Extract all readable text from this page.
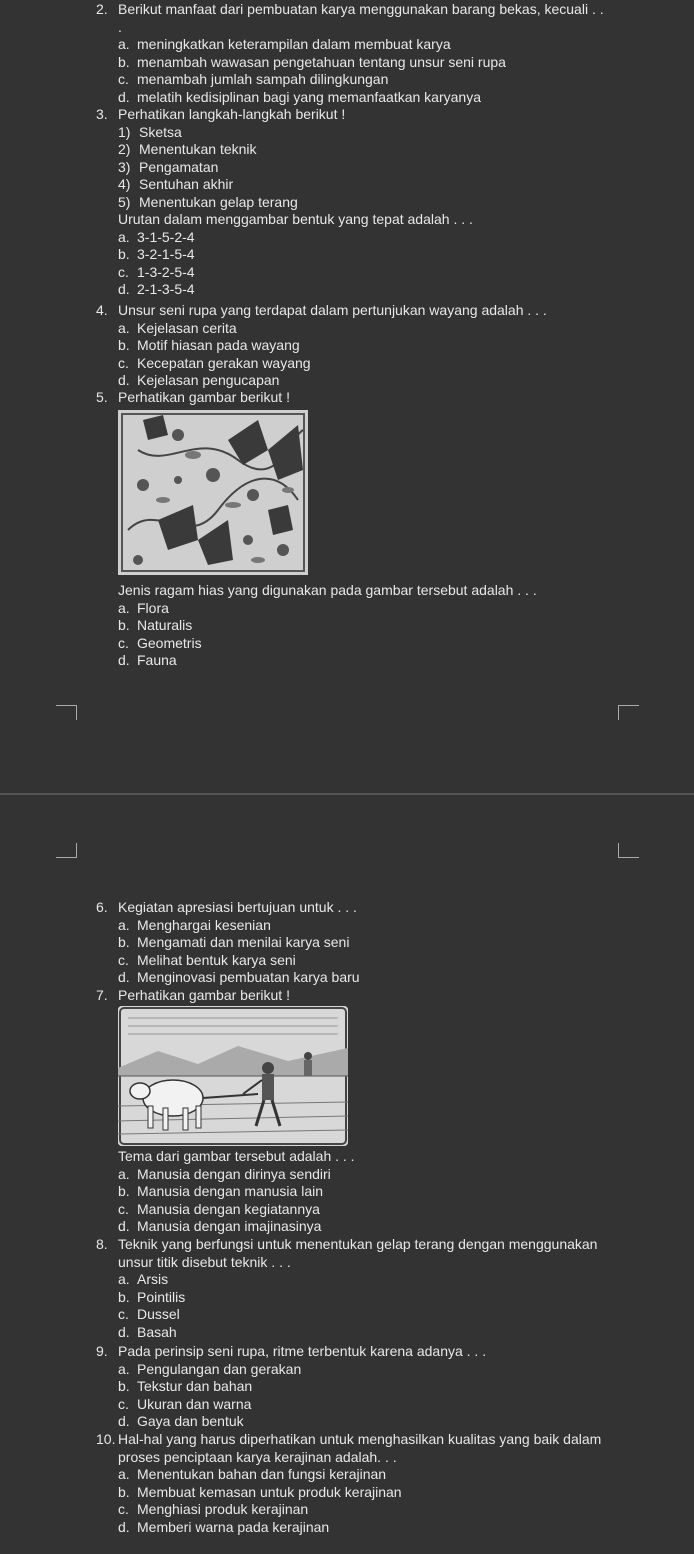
2. Berikut manfaat dari pembuatan karya menggunakan barang bekas, kecuali . .

.
a. meningkatkan keterampilan dalam membuat karya
b. menambah wawasan pengetahuan tentang unsur seni rupa
c. menambah jumlah sampah dilingkungan
d. melatih kedisiplinan bagi yang memanfaatkan karyanya

3. Perhatikan langkah-langkah berikut !

1) Sketsa
2) Menentukan teknik
3) Pengamatan
4) Sentuhan akhir
5) Menentukan gelap terang
Urutan dalam menggambar bentuk yang tepat adalah . . .
a. 3-1-5-2-4
b. 3-2-1-5-4
c. 1-3-2-5-4
d. 2-1-3-5-4

4. Unsur seni rupa yang terdapat dalam pertunjukan wayang adalah . . .

a. Kejelasan cerita
b. Motif hiasan pada wayang
c. Kecepatan gerakan wayang
d. Kejelasan pengucapan

5. Perhatikan gambar berikut !

Jenis ragam hias yang digunakan pada gambar tersebut adalah . . .
a. Flora
b. Naturalis
c. Geometris
d. Fauna

6. Kegiatan apresiasi bertujuan untuk . . .

a. Menghargai kesenian
b. Mengamati dan menilai karya seni
c. Melihat bentuk karya seni
d. Menginovasi pembuatan karya baru

7. Perhatikan gambar berikut !

Tema dari gambar tersebut adalah . . .
a. Manusia dengan dirinya sendiri
b. Manusia dengan manusia lain
c. Manusia dengan kegiatannya
d. Manusia dengan imajinasinya

8. Teknik yang berfungsi untuk menentukan gelap terang dengan menggunakan

unsur titik disebut teknik . . .
a. Arsis
b. Pointilis
c. Dussel
d. Basah

9. Pada perinsip seni rupa, ritme terbentuk karena adanya . . .

a. Pengulangan dan gerakan
b. Tekstur dan bahan
c. Ukuran dan warna
d. Gaya dan bentuk

10. Hal-hal yang harus diperhatikan untuk menghasilkan kualitas yang baik dalam

proses penciptaan karya kerajinan adalah. . .
a. Menentukan bahan dan fungsi kerajinan
b. Membuat kemasan untuk produk kerajinan
c. Menghiasi produk kerajinan
d. Memberi warna pada kerajinan
